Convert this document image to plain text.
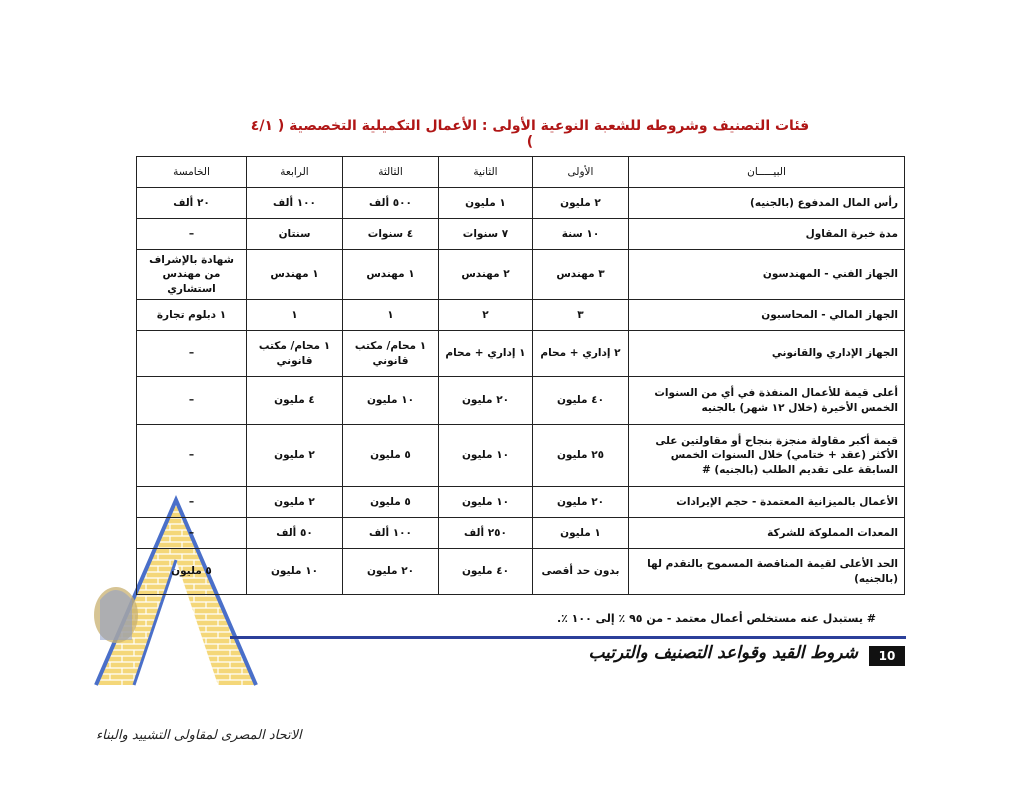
فئات التصنيف وشروطه للشعبة النوعية الأولى : الأعمال التكميلية التخصصية ( ٤/١ )
البيـــــان	الأولى	الثانية	الثالثة	الرابعة	الخامسة
رأس المال المدفوع (بالجنيه)	٢ مليون	١ مليون	٥٠٠ ألف	١٠٠ ألف	٢٠ ألف
مدة خبرة المقاول	١٠ سنة	٧ سنوات	٤ سنوات	سنتان	–
الجهاز الفني - المهندسون	٣ مهندس	٢ مهندس	١ مهندس	١ مهندس	شهادة بالإشراف من مهندس استشاري
الجهاز المالي - المحاسبون	٣	٢	١	١	١ دبلوم تجارة
الجهاز الإداري والقانوني	٢ إداري + محام	١ إداري + محام	١ محام/ مكتب قانوني	١ محام/ مكتب قانوني	–
أعلى قيمة للأعمال المنفذة في أي من السنوات الخمس الأخيرة (خلال ١٢ شهر) بالجنيه	٤٠ مليون	٢٠ مليون	١٠ مليون	٤ مليون	–
قيمة أكبر مقاولة منجزة بنجاح أو مقاولتين على الأكثر (عقد + ختامي) خلال السنوات الخمس السابقة على تقديم الطلب (بالجنيه) #	٢٥ مليون	١٠ مليون	٥ مليون	٢ مليون	–
الأعمال بالميزانية المعتمدة - حجم الإيرادات	٢٠ مليون	١٠ مليون	٥ مليون	٢ مليون	–
المعدات المملوكة للشركة	١ مليون	٢٥٠ ألف	١٠٠ ألف	٥٠ ألف	–
الحد الأعلى لقيمة المناقصة المسموح بالتقدم لها (بالجنيه)	بدون حد أقصى	٤٠ مليون	٢٠ مليون	١٠ مليون	٥ مليون
# يستبدل عنه مستخلص أعمال معتمد - من ٩٥ ٪ إلى ١٠٠ ٪.
10
شروط القيد وقواعد التصنيف والترتيب
الاتحاد المصرى لمقاولى التشييد والبناء
